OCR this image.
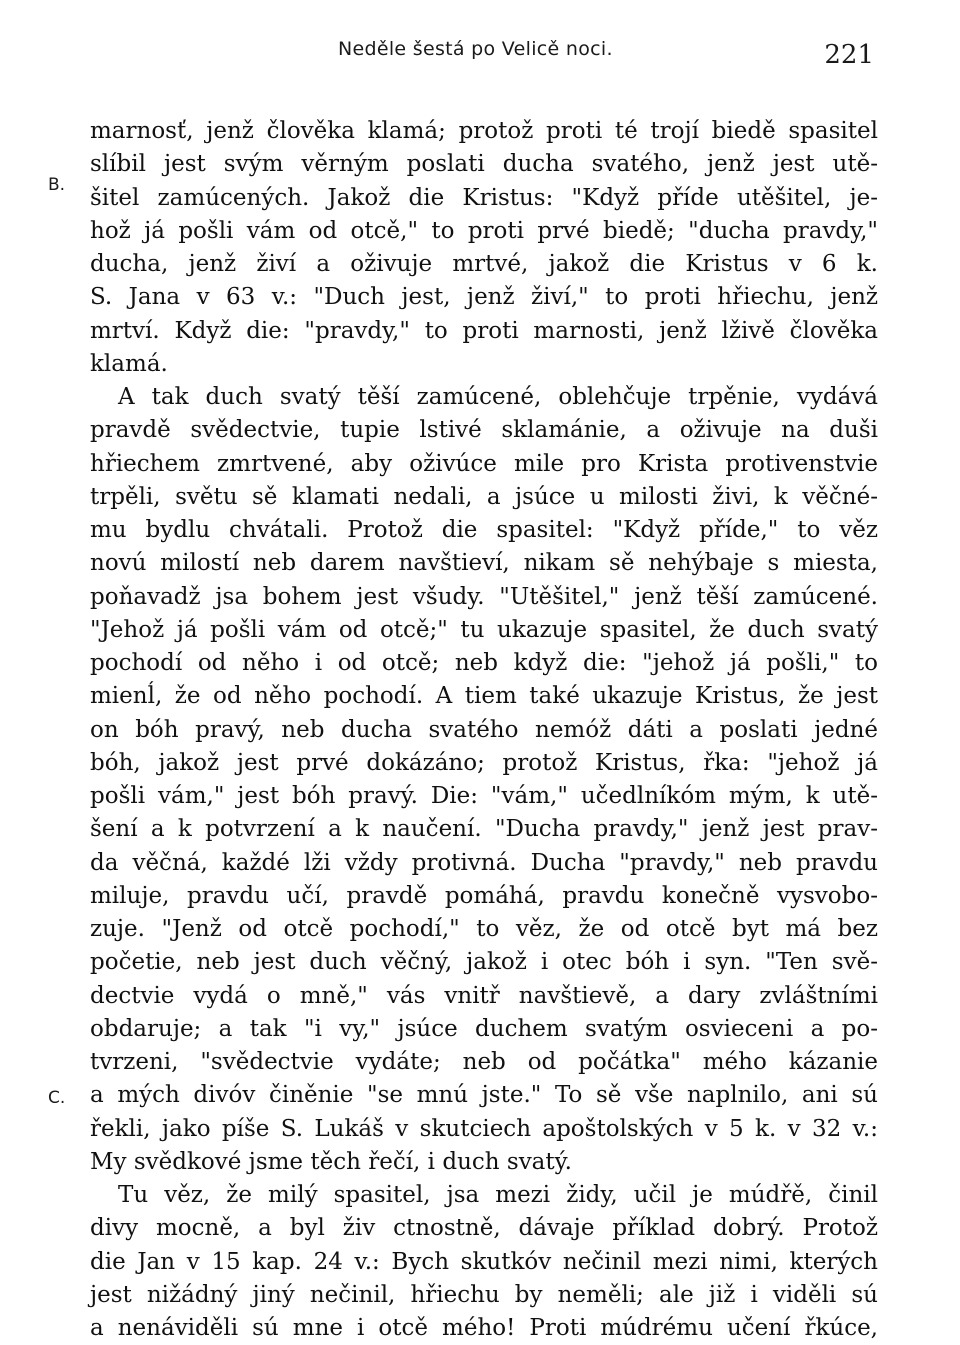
Neděle šestá po Velicě noci.	221
B.
C.
marnosť, jenž člověka klamá; protož proti té trojí biedě spasitel
slíbil jest svým věrným poslati ducha svatého, jenž jest utě-
šitel zamúcených. Jakož die Kristus: "Když příde utěšitel, je-
hož já pošli vám od otcě," to proti prvé biedě; "ducha pravdy,"
ducha, jenž živí a oživuje mrtvé, jakož die Kristus v 6 k.
S. Jana v 63 v.: "Duch jest, jenž živí," to proti hřiechu, jenž
mrtví. Když die: "pravdy," to proti marnosti, jenž lživě člověka
klamá.
A tak duch svatý těší zamúcené, oblehčuje trpěnie, vydává
pravdě svědectvie, tupie lstivé sklamánie, a oživuje na duši
hřiechem zmrtvené, aby oživúce mile pro Krista protivenstvie
trpěli, světu sě klamati nedali, a jsúce u milosti živi, k věčné-
mu bydlu chvátali. Protož die spasitel: "Když příde," to věz
novú milostí neb darem navštieví, nikam sě nehýbaje s miesta,
poňavadž jsa bohem jest všudy. "Utěšitel," jenž těší zamúcené.
"Jehož já pošli vám od otcě;" tu ukazuje spasitel, že duch svatý
pochodí od něho i od otcě; neb když die: "jehož já pošli," to
mienĺ, že od něho pochodí. A tiem také ukazuje Kristus, že jest
on bóh pravý, neb ducha svatého nemóž dáti a poslati jedné
bóh, jakož jest prvé dokázáno; protož Kristus, řka: "jehož já
pošli vám," jest bóh pravý. Die: "vám," učedlníkóm mým, k utě-
šení a k potvrzení a k naučení. "Ducha pravdy," jenž jest prav-
da věčná, každé lži vždy protivná. Ducha "pravdy," neb pravdu
miluje, pravdu učí, pravdě pomáhá, pravdu konečně vysvobo-
zuje. "Jenž od otcě pochodí," to věz, že od otcě byt má bez
početie, neb jest duch věčný, jakož i otec bóh i syn. "Ten svě-
dectvie vydá o mně," vás vnitř navštievě, a dary zvláštními
obdaruje; a tak "i vy," jsúce duchem svatým osvieceni a po-
tvrzeni, "svědectvie vydáte; neb od počátka" mého kázanie
a mých divóv činěnie "se mnú jste." To sě vše naplnilo, ani sú
řekli, jako píše S. Lukáš v skutciech apoštolských v 5 k. v 32 v.:
My svědkové jsme těch řečí, i duch svatý.
Tu věz, že milý spasitel, jsa mezi židy, učil je múdřě, činil
divy mocně, a byl živ ctnostně, dávaje příklad dobrý. Protož
die Jan v 15 kap. 24 v.: Bych skutkóv nečinil mezi nimi, kterých
jest nižádný jiný nečinil, hřiechu by neměli; ale již i viděli sú
a nenáviděli sú mne i otcě mého! Proti múdrému učení řkúce,
